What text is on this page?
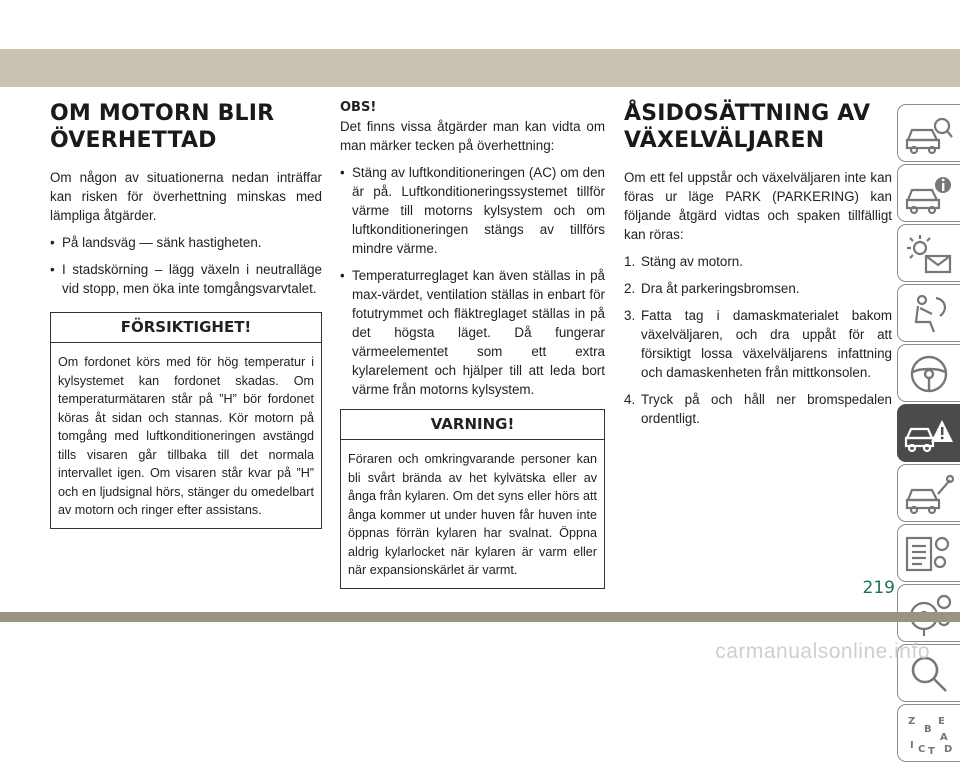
OM MOTORN BLIR ÖVERHETTAD

Om någon av situationerna nedan inträffar kan risken för överhettning minskas med lämpliga åtgärder.

• På landsväg — sänk hastigheten.
• I stadskörning – lägg växeln i neutralläge vid stopp, men öka inte tomgångsvarvtalet.
FÖRSIKTIGHET!
Om fordonet körs med för hög temperatur i kylsystemet kan fordonet skadas. Om temperaturmätaren står på ”H” bör fordonet köras åt sidan och stannas. Kör motorn på tomgång med luftkonditioneringen avstängd tills visaren går tillbaka till det normala intervallet igen. Om visaren står kvar på ”H” och en ljudsignal hörs, stänger du omedelbart av motorn och ringer efter assistans.
OBS!

Det finns vissa åtgärder man kan vidta om man märker tecken på överhettning:

• Stäng av luftkonditioneringen (AC) om den är på. Luftkonditioneringssystemet tillför värme till motorns kylsystem och om luftkonditioneringen stängs av tillförs mindre värme.
• Temperaturreglaget kan även ställas in på max-värdet, ventilation ställas in enbart för fotutrymmet och fläktreglaget ställas in på det högsta läget. Då fungerar värmeelementet som ett extra kylarelement och hjälper till att leda bort värme från motorns kylsystem.
VARNING!
Föraren och omkringvarande personer kan bli svårt brända av het kylvätska eller av ånga från kylaren. Om det syns eller hörs att ånga kommer ut under huven får huven inte öppnas förrän kylaren har svalnat. Öppna aldrig kylarlocket när kylaren är varm eller när expansionskärlet är varmt.
ÅSIDOSÄTTNING AV VÄXELVÄLJAREN

Om ett fel uppstår och växelväljaren inte kan föras ur läge PARK (PARKERING) kan följande åtgärd vidtas och spaken tillfälligt kan röras:

1. Stäng av motorn.
2. Dra åt parkeringsbromsen.
3. Fatta tag i damaskmaterialet bakom växelväljaren, och dra uppåt för att försiktigt lossa växelväljarens infattning och damaskenheten från mittkonsolen.
4. Tryck på och håll ner bromspedalen ordentligt.
Z E
B
A
I C T D
219
carmanualsonline.info
